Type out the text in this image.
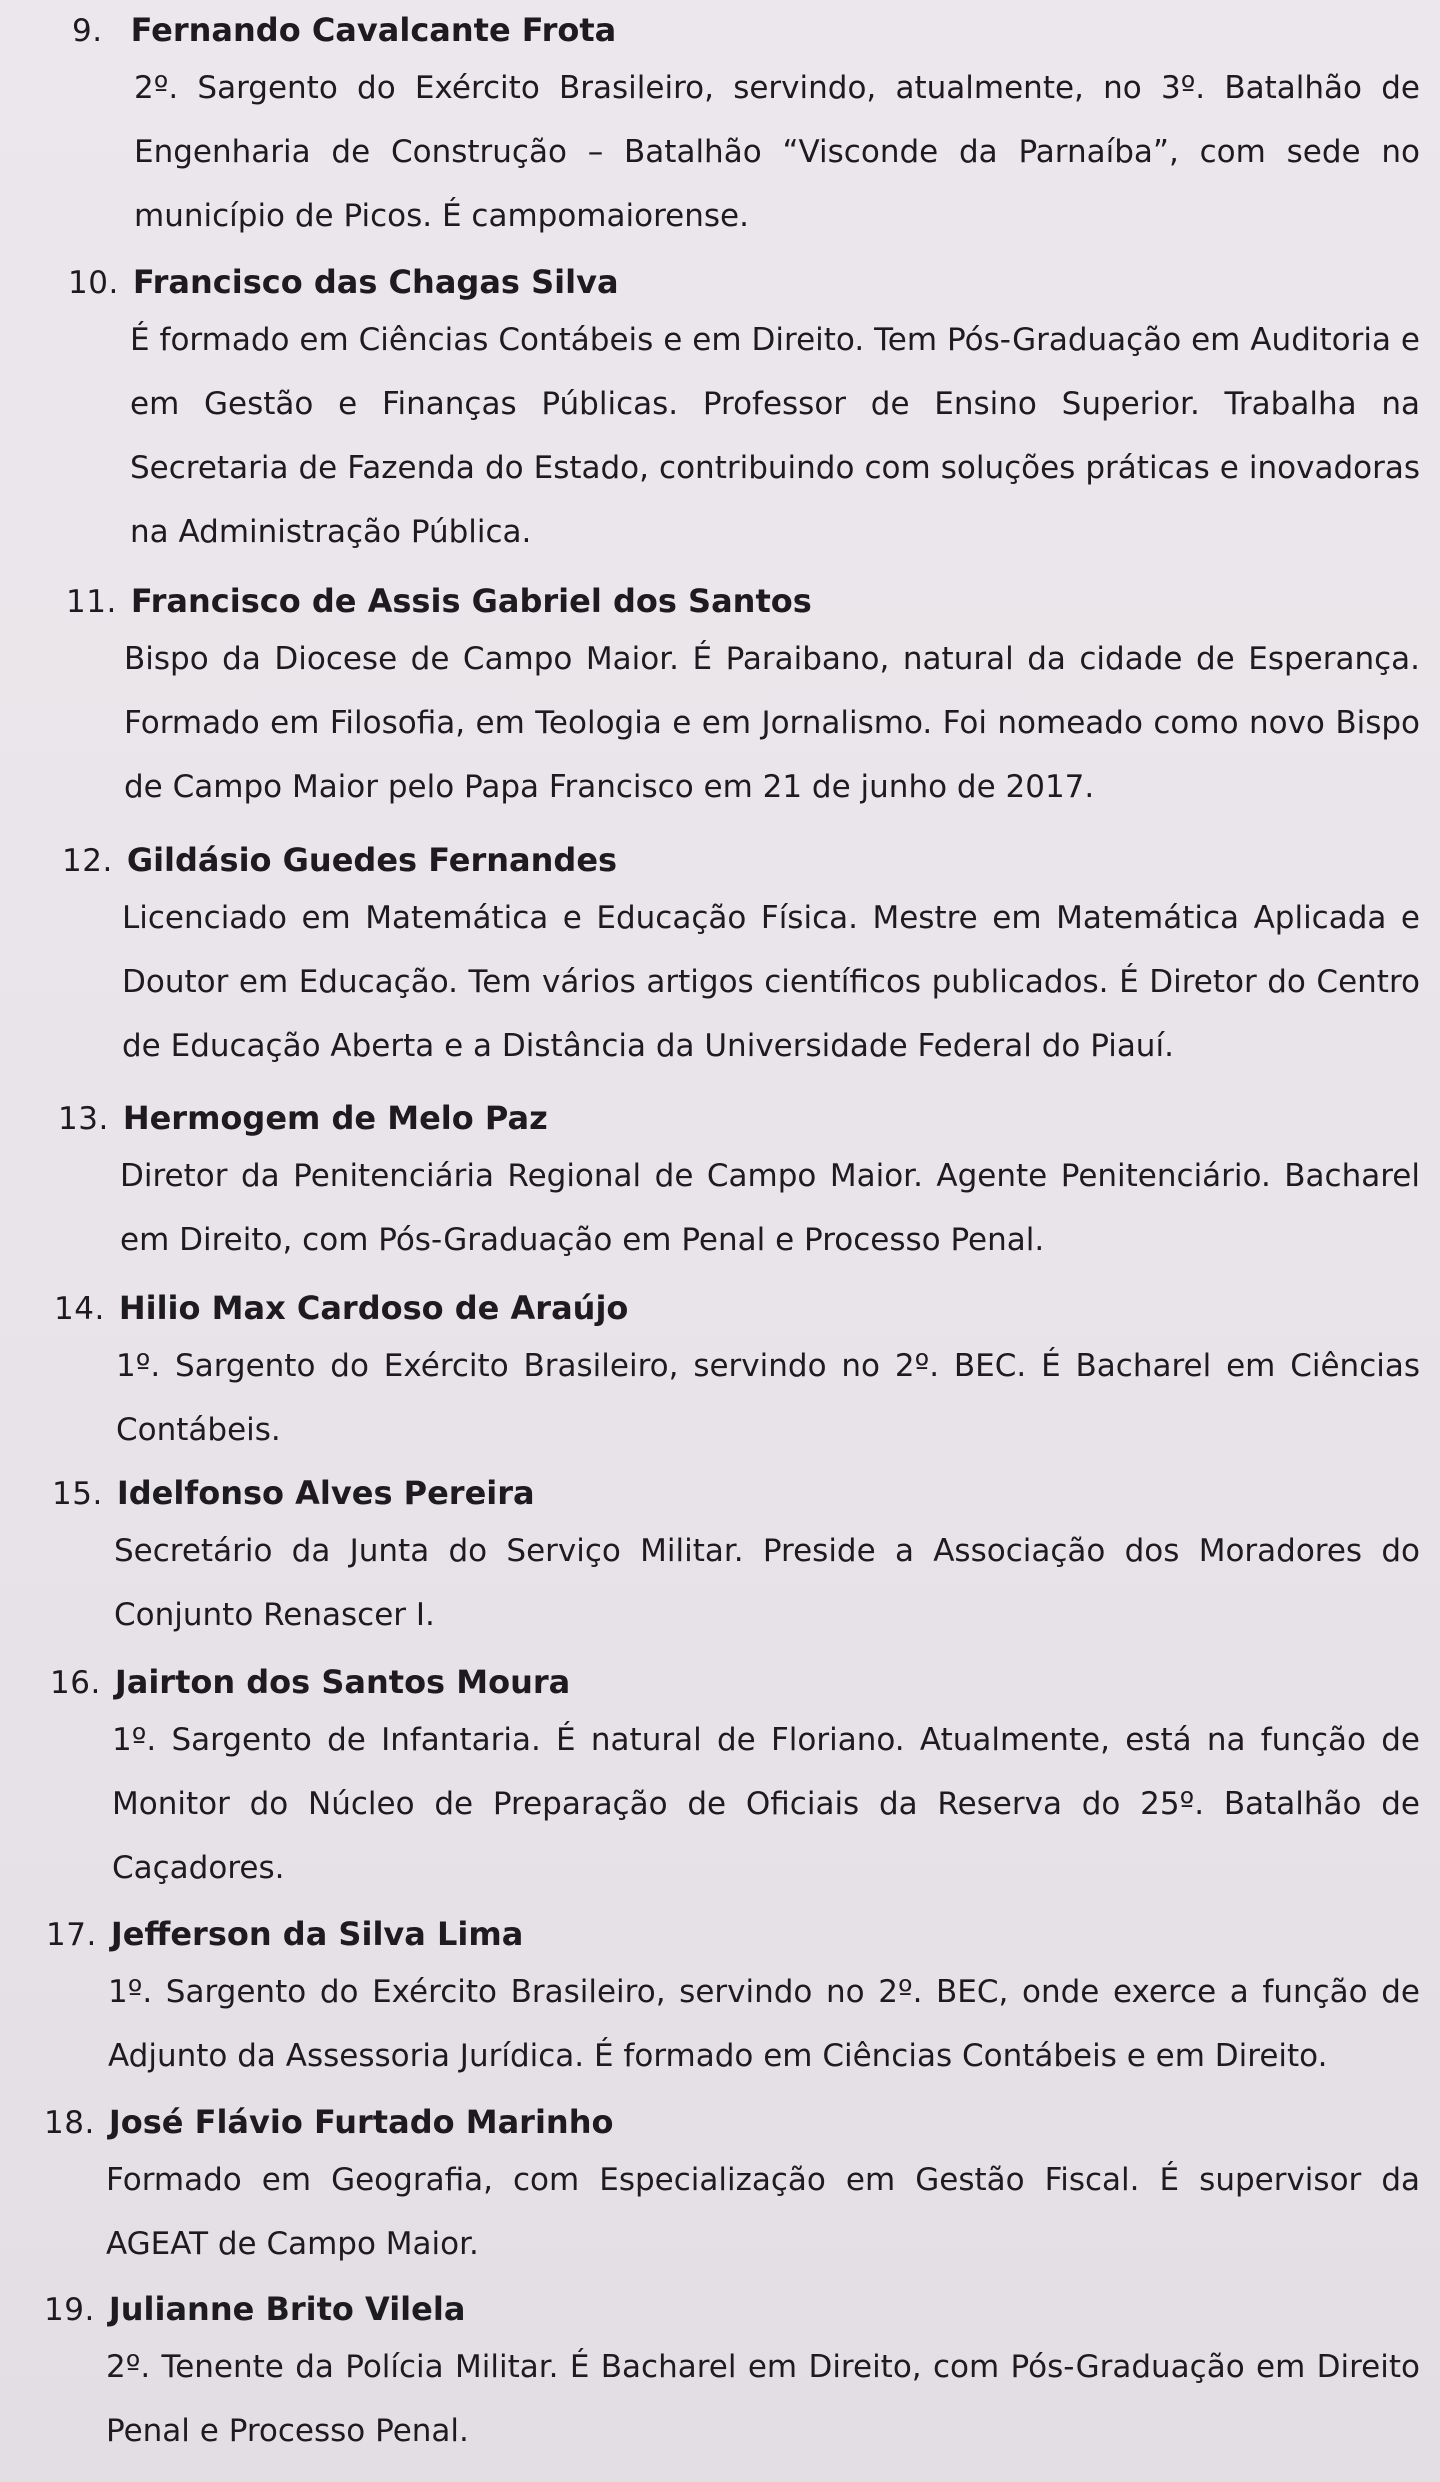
9. Fernando Cavalcante Frota
2º. Sargento do Exército Brasileiro, servindo, atualmente, no 3º. Batalhão de Engenharia de Construção – Batalhão “Visconde da Parnaíba”, com sede no município de Picos. É campomaiorense.
10. Francisco das Chagas Silva
É formado em Ciências Contábeis e em Direito. Tem Pós-Graduação em Auditoria e em Gestão e Finanças Públicas. Professor de Ensino Superior. Trabalha na Secretaria de Fazenda do Estado, contribuindo com soluções práticas e inovadoras na Administração Pública.
11. Francisco de Assis Gabriel dos Santos
Bispo da Diocese de Campo Maior. É Paraibano, natural da cidade de Esperança. Formado em Filosofia, em Teologia e em Jornalismo. Foi nomeado como novo Bispo de Campo Maior pelo Papa Francisco em 21 de junho de 2017.
12. Gildásio Guedes Fernandes
Licenciado em Matemática e Educação Física. Mestre em Matemática Aplicada e Doutor em Educação. Tem vários artigos científicos publicados. É Diretor do Centro de Educação Aberta e a Distância da Universidade Federal do Piauí.
13. Hermogem de Melo Paz
Diretor da Penitenciária Regional de Campo Maior. Agente Penitenciário. Bacharel em Direito, com Pós-Graduação em Penal e Processo Penal.
14. Hilio Max Cardoso de Araújo
1º. Sargento do Exército Brasileiro, servindo no 2º. BEC. É Bacharel em Ciências Contábeis.
15. Idelfonso Alves Pereira
Secretário da Junta do Serviço Militar. Preside a Associação dos Moradores do Conjunto Renascer I.
16. Jairton dos Santos Moura
1º. Sargento de Infantaria. É natural de Floriano. Atualmente, está na função de Monitor do Núcleo de Preparação de Oficiais da Reserva do 25º. Batalhão de Caçadores.
17. Jefferson da Silva Lima
1º. Sargento do Exército Brasileiro, servindo no 2º. BEC, onde exerce a função de Adjunto da Assessoria Jurídica. É formado em Ciências Contábeis e em Direito.
18. José Flávio Furtado Marinho
Formado em Geografia, com Especialização em Gestão Fiscal. É supervisor da AGEAT de Campo Maior.
19. Julianne Brito Vilela
2º. Tenente da Polícia Militar. É Bacharel em Direito, com Pós-Graduação em Direito Penal e Processo Penal.
